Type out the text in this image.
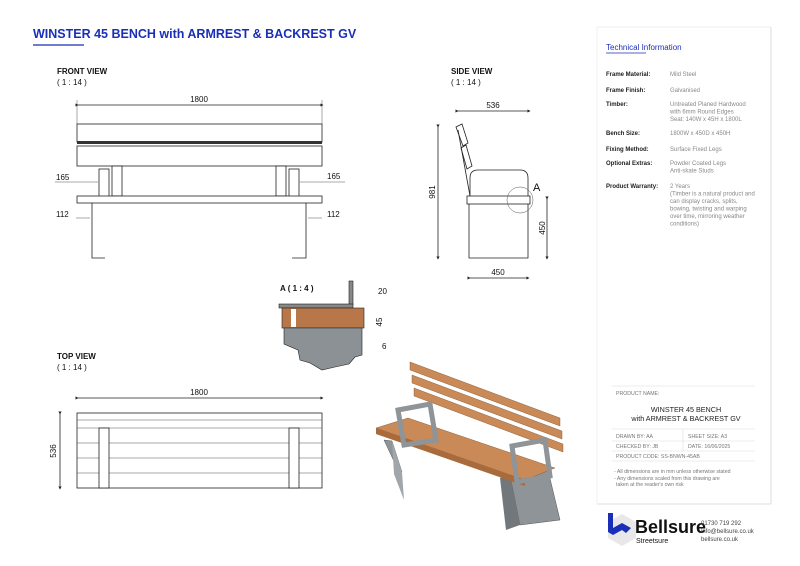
WINSTER 45 BENCH with ARMREST & BACKREST GV
FRONT VIEW
( 1 : 14 )
1800
165	165
112	112
SIDE VIEW
( 1 : 14 )
536
A
981
450
450
A ( 1 : 4 )	20
45
6
TOP VIEW
( 1 : 14 )
1800
536
Technical Information
Frame Material:	Mild Steel
Frame Finish:	Galvanised
Timber:	Untreated Planed Hardwood
with 6mm Round Edges
Seat: 140W x 45H x 1800L
Bench Size:	1800W x 450D x 450H
Fixing Method:	Surface Fixed Legs
Optional Extras:	Powder Coated Legs
Anti-skate Studs
Product Warranty: 2 Years
(Timber is a natural product and
can display cracks, splits,
bowing, twisting and warping
over time, mirroring weather
conditions)
PRODUCT NAME:
WINSTER 45 BENCH
with ARMREST & BACKREST GV
DRAWN BY: AA	SHEET SIZE: A3
CHECKED BY: JB	DATE: 16/06/2025
PRODUCT CODE: SS-BNWN-45AB
- All dimensions are in mm unless otherwise stated
- Any dimensions scaled from this drawing are
taken at the reader's own risk
Bellsure
Streetsure
01730 719 292
info@bellsure.co.uk
bellsure.co.uk
